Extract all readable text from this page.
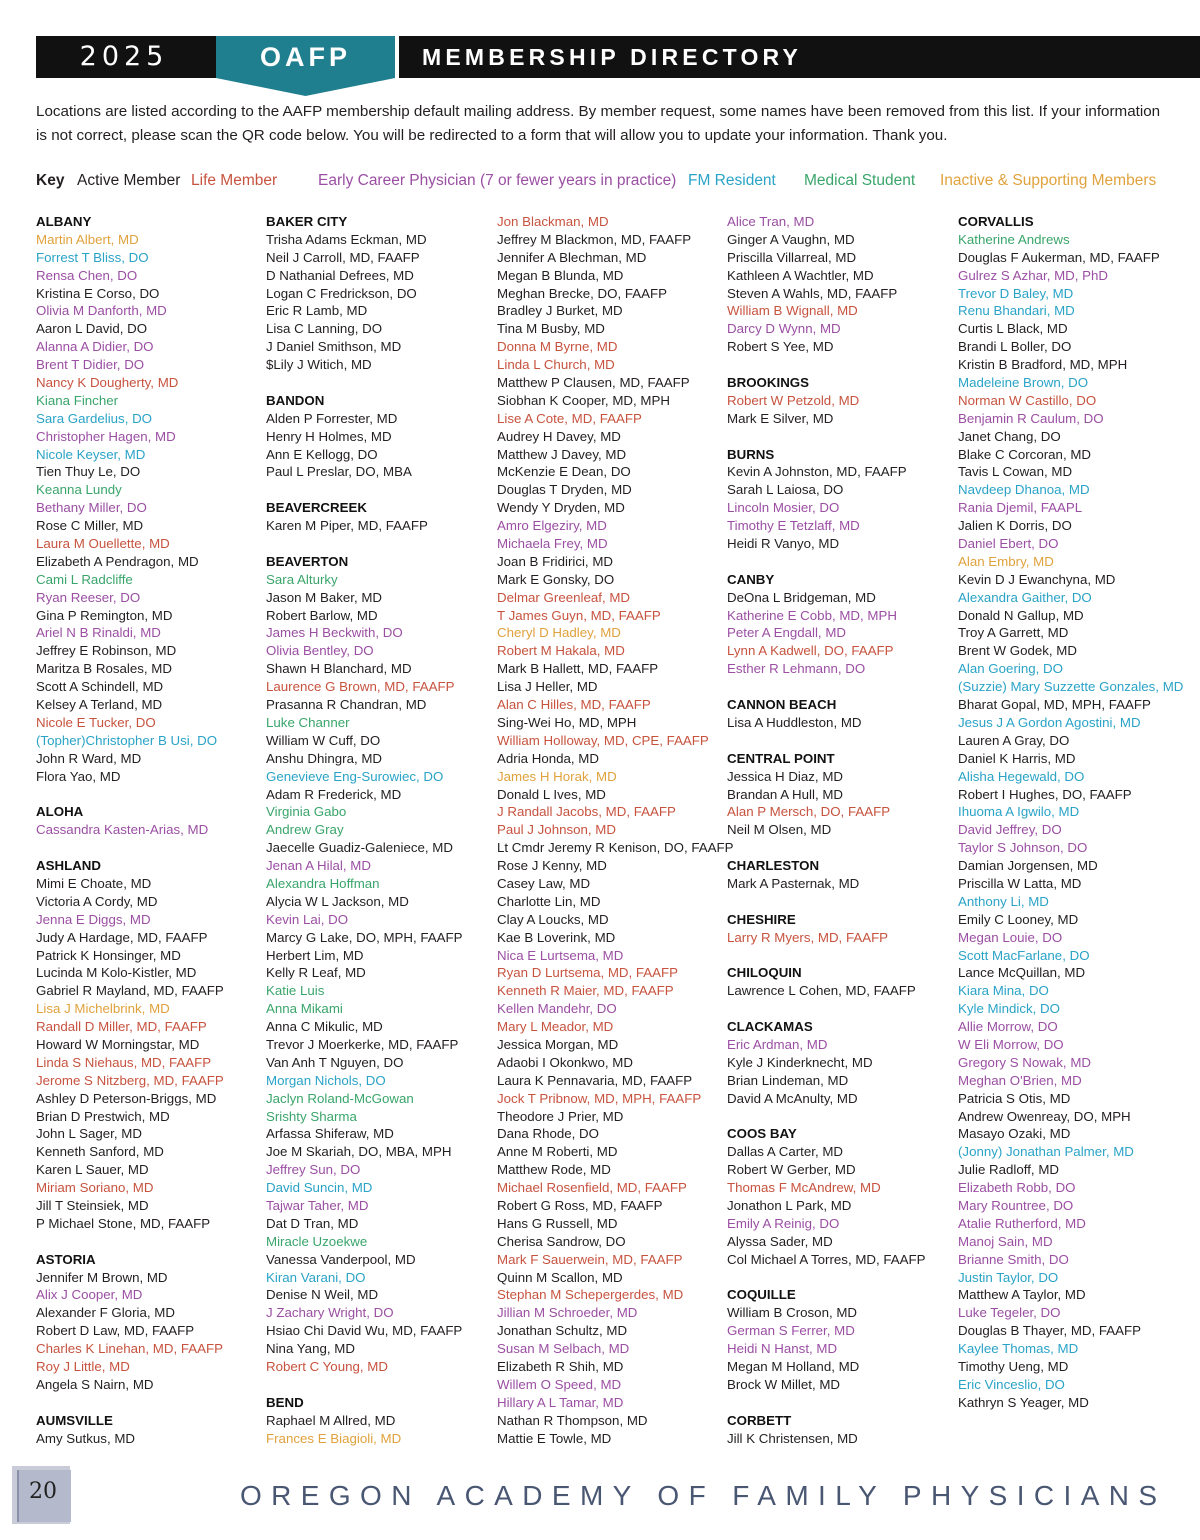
2025	OAFP	MEMBERSHIP DIRECTORY
Locations are listed according to the AAFP membership default mailing address. By member request, some names have been removed from this list. If your information is not correct, please scan the QR code below. You will be redirected to a form that will allow you to update your information. Thank you.
Key Active Member Life Member	Early Career Physician (7 or fewer years in practice) FM Resident Medical Student Inactive & Supporting Members
ALBANY
Martin Albert, MD
Forrest T Bliss, DO
Rensa Chen, DO
Kristina E Corso, DO
Olivia M Danforth, MD
Aaron L David, DO
Alanna A Didier, DO
Brent T Didier, DO
Nancy K Dougherty, MD
Kiana Fincher
Sara Gardelius, DO
Christopher Hagen, MD
Nicole Keyser, MD
Tien Thuy Le, DO
Keanna Lundy
Bethany Miller, DO
Rose C Miller, MD
Laura M Ouellette, MD
Elizabeth A Pendragon, MD
Cami L Radcliffe
Ryan Reeser, DO
Gina P Remington, MD
Ariel N B Rinaldi, MD
Jeffrey E Robinson, MD
Maritza B Rosales, MD
Scott A Schindell, MD
Kelsey A Terland, MD
Nicole E Tucker, DO
(Topher)Christopher B Usi, DO
John R Ward, MD
Flora Yao, MD
ALOHA
Cassandra Kasten-Arias, MD
ASHLAND
Mimi E Choate, MD
Victoria A Cordy, MD
Jenna E Diggs, MD
Judy A Hardage, MD, FAAFP
Patrick K Honsinger, MD
Lucinda M Kolo-Kistler, MD
Gabriel R Mayland, MD, FAAFP
Lisa J Michelbrink, MD
Randall D Miller, MD, FAAFP
Howard W Morningstar, MD
Linda S Niehaus, MD, FAAFP
Jerome S Nitzberg, MD, FAAFP
Ashley D Peterson-Briggs, MD
Brian D Prestwich, MD
John L Sager, MD
Kenneth Sanford, MD
Karen L Sauer, MD
Miriam Soriano, MD
Jill T Steinsiek, MD
P Michael Stone, MD, FAAFP
ASTORIA
Jennifer M Brown, MD
Alix J Cooper, MD
Alexander F Gloria, MD
Robert D Law, MD, FAAFP
Charles K Linehan, MD, FAAFP
Roy J Little, MD
Angela S Nairn, MD
AUMSVILLE
Amy Sutkus, MD
BAKER CITY
Trisha Adams Eckman, MD
Neil J Carroll, MD, FAAFP
D Nathanial Defrees, MD
Logan C Fredrickson, DO
Eric R Lamb, MD
Lisa C Lanning, DO
J Daniel Smithson, MD
$Lily J Witich, MD
BANDON
Alden P Forrester, MD
Henry H Holmes, MD
Ann E Kellogg, DO
Paul L Preslar, DO, MBA
BEAVERCREEK
Karen M Piper, MD, FAAFP
BEAVERTON
Sara Alturky
Jason M Baker, MD
Robert Barlow, MD
James H Beckwith, DO
Olivia Bentley, DO
Shawn H Blanchard, MD
Laurence G Brown, MD, FAAFP
Prasanna R Chandran, MD
Luke Channer
William W Cuff, DO
Anshu Dhingra, MD
Genevieve Eng-Surowiec, DO
Adam R Frederick, MD
Virginia Gabo
Andrew Gray
Jaecelle Guadiz-Galeniece, MD
Jenan A Hilal, MD
Alexandra Hoffman
Alycia W L Jackson, MD
Kevin Lai, DO
Marcy G Lake, DO, MPH, FAAFP
Herbert Lim, MD
Kelly R Leaf, MD
Katie Luis
Anna Mikami
Anna C Mikulic, MD
Trevor J Moerkerke, MD, FAAFP
Van Anh T Nguyen, DO
Morgan Nichols, DO
Jaclyn Roland-McGowan
Srishty Sharma
Arfassa Shiferaw, MD
Joe M Skariah, DO, MBA, MPH
Jeffrey Sun, DO
David Suncin, MD
Tajwar Taher, MD
Dat D Tran, MD
Miracle Uzoekwe
Vanessa Vanderpool, MD
Kiran Varani, DO
Denise N Weil, MD
J Zachary Wright, DO
Hsiao Chi David Wu, MD, FAAFP
Nina Yang, MD
Robert C Young, MD
BEND
Raphael M Allred, MD
Frances E Biagioli, MD
Jon Blackman, MD
Jeffrey M Blackmon, MD, FAAFP
Jennifer A Blechman, MD
Megan B Blunda, MD
Meghan Brecke, DO, FAAFP
Bradley J Burket, MD
Tina M Busby, MD
Donna M Byrne, MD
Linda L Church, MD
Matthew P Clausen, MD, FAAFP
Siobhan K Cooper, MD, MPH
Lise A Cote, MD, FAAFP
Audrey H Davey, MD
Matthew J Davey, MD
McKenzie E Dean, DO
Douglas T Dryden, MD
Wendy Y Dryden, MD
Amro Elgeziry, MD
Michaela Frey, MD
Joan B Fridirici, MD
Mark E Gonsky, DO
Delmar Greenleaf, MD
T James Guyn, MD, FAAFP
Cheryl D Hadley, MD
Robert M Hakala, MD
Mark B Hallett, MD, FAAFP
Lisa J Heller, MD
Alan C Hilles, MD, FAAFP
Sing-Wei Ho, MD, MPH
William Holloway, MD, CPE, FAAFP
Adria Honda, MD
James H Horak, MD
Donald L Ives, MD
J Randall Jacobs, MD, FAAFP
Paul J Johnson, MD
Lt Cmdr Jeremy R Kenison, DO, FAAFP
Rose J Kenny, MD
Casey Law, MD
Charlotte Lin, MD
Clay A Loucks, MD
Kae B Loverink, MD
Nica E Lurtsema, MD
Ryan D Lurtsema, MD, FAAFP
Kenneth R Maier, MD, FAAFP
Kellen Mandehr, DO
Mary L Meador, MD
Jessica Morgan, MD
Adaobi I Okonkwo, MD
Laura K Pennavaria, MD, FAAFP
Jock T Pribnow, MD, MPH, FAAFP
Theodore J Prier, MD
Dana Rhode, DO
Anne M Roberti, MD
Matthew Rode, MD
Michael Rosenfield, MD, FAAFP
Robert G Ross, MD, FAAFP
Hans G Russell, MD
Cherisa Sandrow, DO
Mark F Sauerwein, MD, FAAFP
Quinn M Scallon, MD
Stephan M Schepergerdes, MD
Jillian M Schroeder, MD
Jonathan Schultz, MD
Susan M Selbach, MD
Elizabeth R Shih, MD
Willem O Speed, MD
Hillary A L Tamar, MD
Nathan R Thompson, MD
Mattie E Towle, MD
Alice Tran, MD
Ginger A Vaughn, MD
Priscilla Villarreal, MD
Kathleen A Wachtler, MD
Steven A Wahls, MD, FAAFP
William B Wignall, MD
Darcy D Wynn, MD
Robert S Yee, MD
BROOKINGS
Robert W Petzold, MD
Mark E Silver, MD
BURNS
Kevin A Johnston, MD, FAAFP
Sarah L Laiosa, DO
Lincoln Mosier, DO
Timothy E Tetzlaff, MD
Heidi R Vanyo, MD
CANBY
DeOna L Bridgeman, MD
Katherine E Cobb, MD, MPH
Peter A Engdall, MD
Lynn A Kadwell, DO, FAAFP
Esther R Lehmann, DO
CANNON BEACH
Lisa A Huddleston, MD
CENTRAL POINT
Jessica H Diaz, MD
Brandan A Hull, MD
Alan P Mersch, DO, FAAFP
Neil M Olsen, MD
CHARLESTON
Mark A Pasternak, MD
CHESHIRE
Larry R Myers, MD, FAAFP
CHILOQUIN
Lawrence L Cohen, MD, FAAFP
CLACKAMAS
Eric Ardman, MD
Kyle J Kinderknecht, MD
Brian Lindeman, MD
David A McAnulty, MD
COOS BAY
Dallas A Carter, MD
Robert W Gerber, MD
Thomas F McAndrew, MD
Jonathon L Park, MD
Emily A Reinig, DO
Alyssa Sader, MD
Col Michael A Torres, MD, FAAFP
COQUILLE
William B Croson, MD
German S Ferrer, MD
Heidi N Hanst, MD
Megan M Holland, MD
Brock W Millet, MD
CORBETT
Jill K Christensen, MD
CORVALLIS
Katherine Andrews
Douglas F Aukerman, MD, FAAFP
Gulrez S Azhar, MD, PhD
Trevor D Baley, MD
Renu Bhandari, MD
Curtis L Black, MD
Brandi L Boller, DO
Kristin B Bradford, MD, MPH
Madeleine Brown, DO
Norman W Castillo, DO
Benjamin R Caulum, DO
Janet Chang, DO
Blake C Corcoran, MD
Tavis L Cowan, MD
Navdeep Dhanoa, MD
Rania Djemil, FAAPL
Jalien K Dorris, DO
Daniel Ebert, DO
Alan Embry, MD
Kevin D J Ewanchyna, MD
Alexandra Gaither, DO
Donald N Gallup, MD
Troy A Garrett, MD
Brent W Godek, MD
Alan Goering, DO
(Suzzie) Mary Suzzette Gonzales, MD
Bharat Gopal, MD, MPH, FAAFP
Jesus J A Gordon Agostini, MD
Lauren A Gray, DO
Daniel K Harris, MD
Alisha Hegewald, DO
Robert I Hughes, DO, FAAFP
Ihuoma A Igwilo, MD
David Jeffrey, DO
Taylor S Johnson, DO
Damian Jorgensen, MD
Priscilla W Latta, MD
Anthony Li, MD
Emily C Looney, MD
Megan Louie, DO
Scott MacFarlane, DO
Lance McQuillan, MD
Kiara Mina, DO
Kyle Mindick, DO
Allie Morrow, DO
W Eli Morrow, DO
Gregory S Nowak, MD
Meghan O'Brien, MD
Patricia S Otis, MD
Andrew Owenreay, DO, MPH
Masayo Ozaki, MD
(Jonny) Jonathan Palmer, MD
Julie Radloff, MD
Elizabeth Robb, DO
Mary Rountree, DO
Atalie Rutherford, MD
Manoj Sain, MD
Brianne Smith, DO
Justin Taylor, DO
Matthew A Taylor, MD
Luke Tegeler, DO
Douglas B Thayer, MD, FAAFP
Kaylee Thomas, MD
Timothy Ueng, MD
Eric Vinceslio, DO
Kathryn S Yeager, MD
20	OREGON ACADEMY OF FAMILY PHYSICIANS
